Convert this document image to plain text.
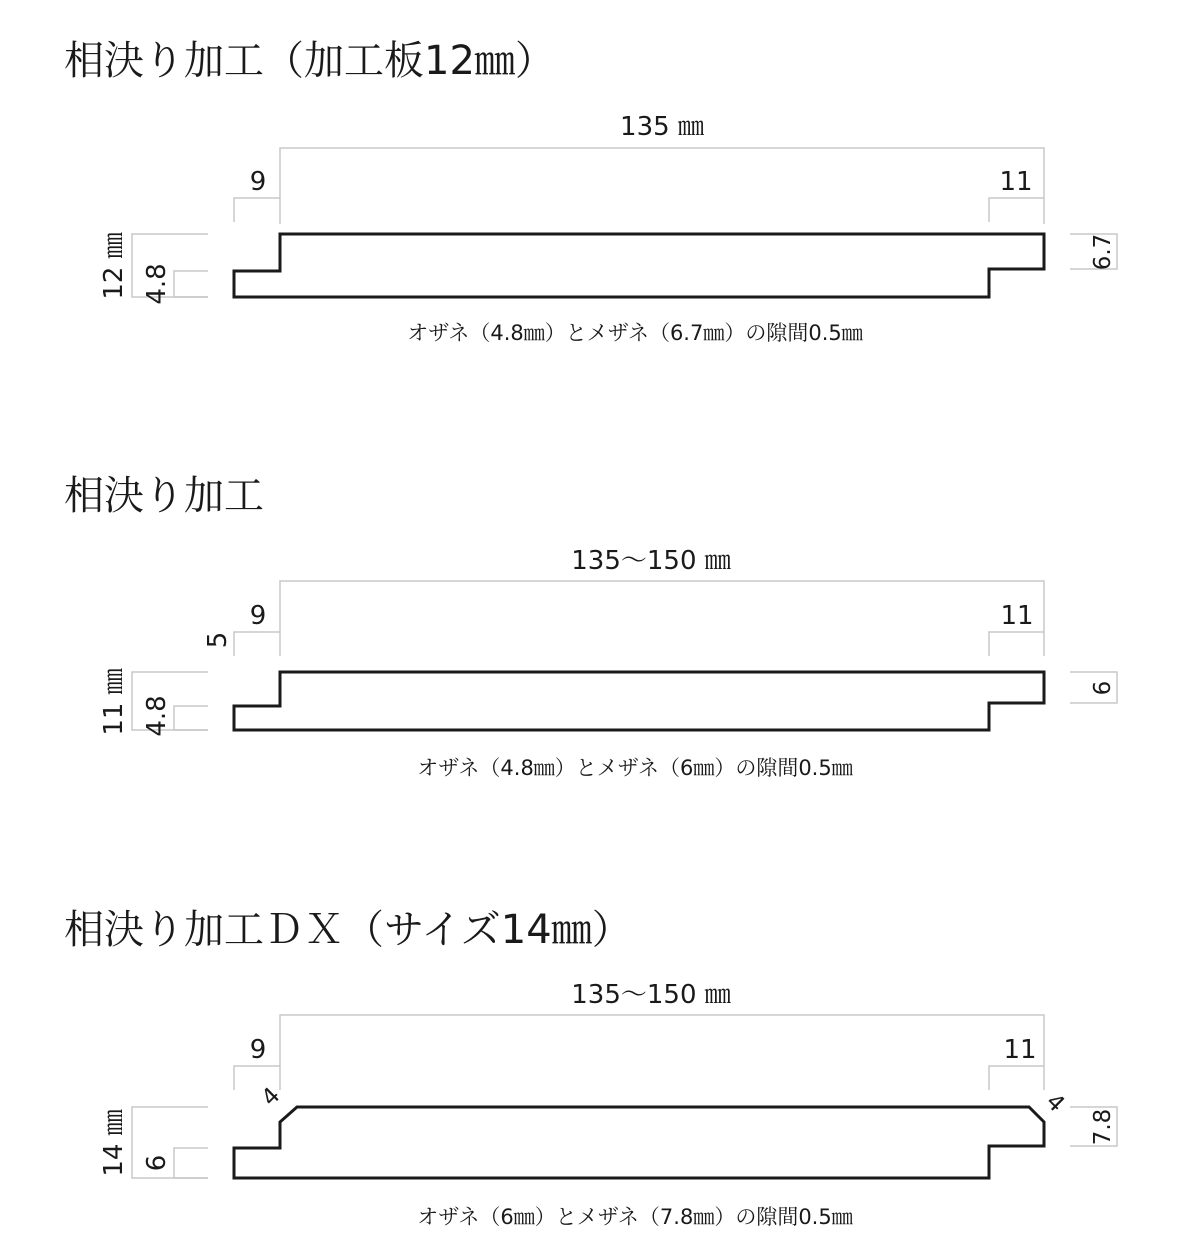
相決り加工（加工板12㎜）
135 ㎜
9	11
12 ㎜ 4.8
6.7
オザネ（4.8㎜）とメザネ（6.7㎜）の隙間0.5㎜
相決り加工
135〜150 ㎜
9
5
11
11 ㎜ 4.8
6
オザネ（4.8㎜）とメザネ（6㎜）の隙間0.5㎜
相決り加工ＤＸ（サイズ14㎜）
135〜150 ㎜
9	11
14 ㎜ 6
7.8
4	4
オザネ（6㎜）とメザネ（7.8㎜）の隙間0.5㎜
